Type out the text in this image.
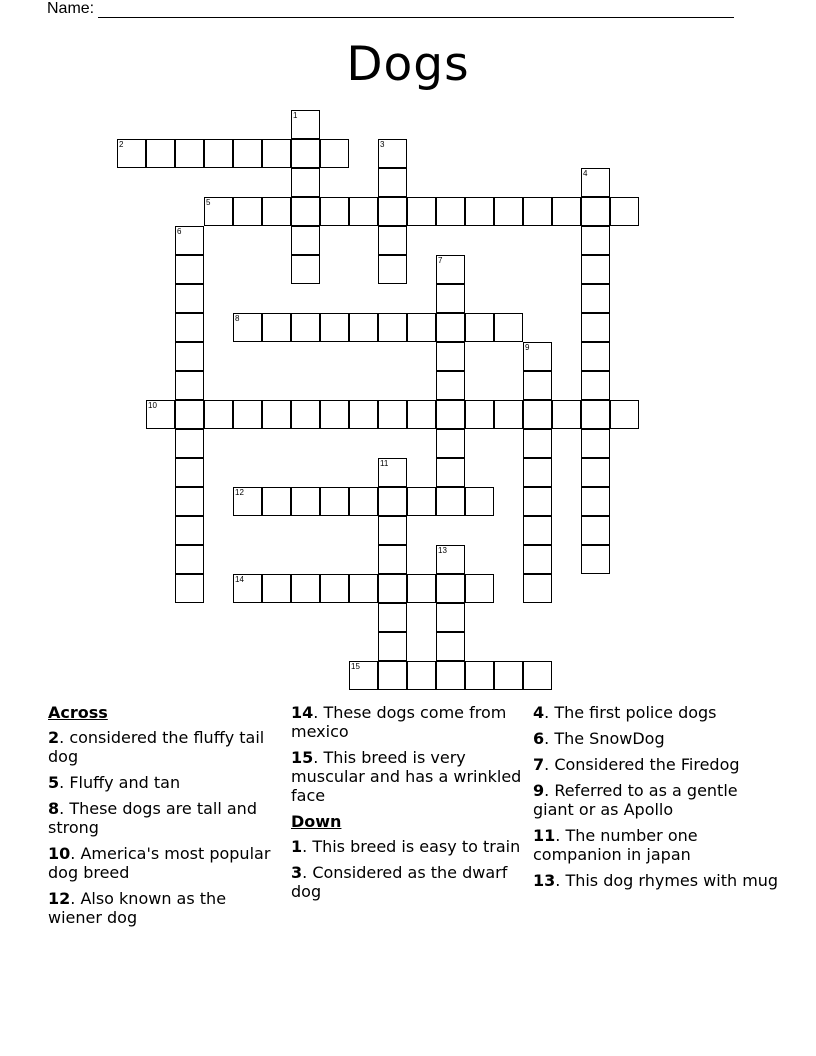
Name:
Dogs
1
2	3
4
5
6
7
8
9
10
11
12
13
14
15
Across
2. considered the fluffy tail dog
5. Fluffy and tan
8. These dogs are tall and strong
10. America's most popular dog breed
12. Also known as the wiener dog
14. These dogs come from mexico
15. This breed is very muscular and has a wrinkled face
Down
1. This breed is easy to train
3. Considered as the dwarf dog
4. The first police dogs
6. The SnowDog
7. Considered the Firedog
9. Referred to as a gentle giant or as Apollo
11. The number one companion in japan
13. This dog rhymes with mug
